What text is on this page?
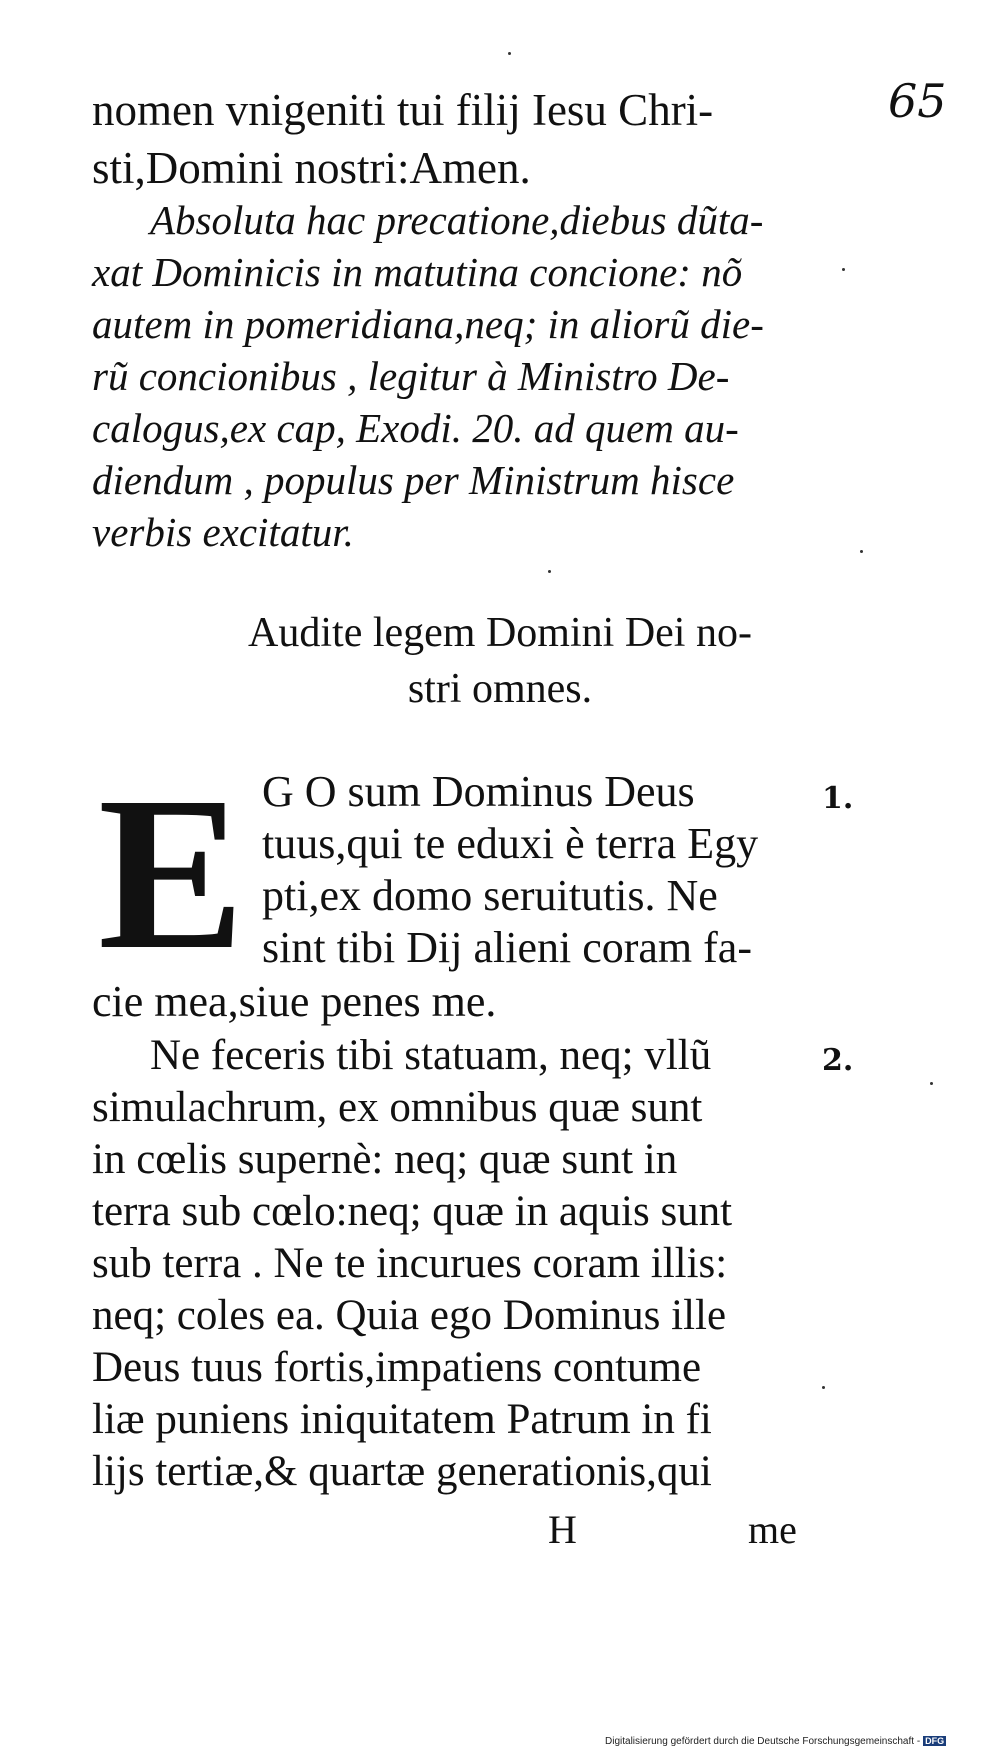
65
nomen vnigeniti tui filij Iesu Chri-
sti,Domini nostri:Amen.
Absoluta hac precatione,diebus dũta-
xat Dominicis in matutina concione: nõ
autem in pomeridiana,neq; in aliorũ die-
rũ concionibus , legitur à Ministro De-
calogus,ex cap, Exodi. 20. ad quem au-
diendum , populus per Ministrum hisce
verbis excitatur.
Audite legem Domini Dei no-
stri omnes.
E G O sum Dominus Deus
tuus,qui te eduxi è terra Egy
pti,ex domo seruitutis. Ne
sint tibi Dij alieni coram fa-
cie mea,siue penes me.
1.
Ne feceris tibi statuam, neq; vllũ
simulachrum, ex omnibus quæ sunt
in cœlis supernè: neq; quæ sunt in
terra sub cœlo:neq; quæ in aquis sunt
sub terra . Ne te incurues coram illis:
neq; coles ea. Quia ego Dominus ille
Deus tuus fortis,impatiens contume
liæ puniens iniquitatem Patrum in fi
lijs tertiæ,& quartæ generationis,qui
2.
H	me
Digitalisierung gefördert durch die Deutsche Forschungsgemeinschaft - DFG
